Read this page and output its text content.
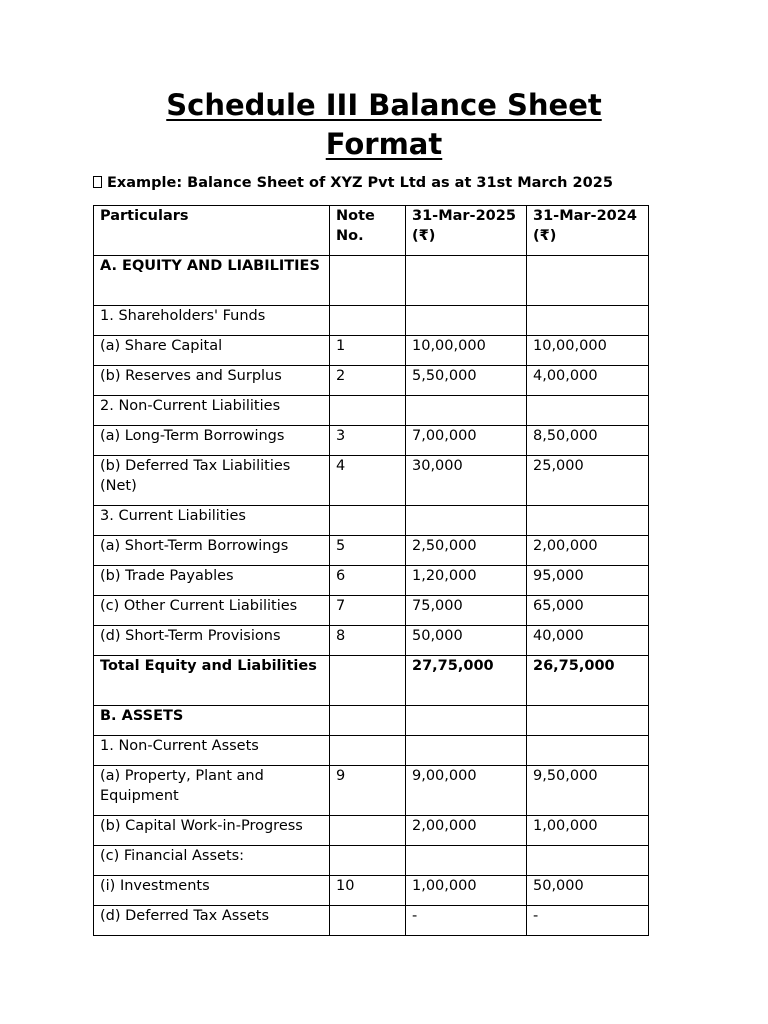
Schedule III Balance Sheet Format
Example: Balance Sheet of XYZ Pvt Ltd as at 31st March 2025
Particulars	Note No.	31-Mar-2025 (₹)	31-Mar-2024 (₹)
A. EQUITY AND LIABILITIES			
1. Shareholders' Funds			
(a) Share Capital	1	10,00,000	10,00,000
(b) Reserves and Surplus	2	5,50,000	4,00,000
2. Non-Current Liabilities			
(a) Long-Term Borrowings	3	7,00,000	8,50,000
(b) Deferred Tax Liabilities (Net)	4	30,000	25,000
3. Current Liabilities			
(a) Short-Term Borrowings	5	2,50,000	2,00,000
(b) Trade Payables	6	1,20,000	95,000
(c) Other Current Liabilities	7	75,000	65,000
(d) Short-Term Provisions	8	50,000	40,000
Total Equity and Liabilities		27,75,000	26,75,000
B. ASSETS			
1. Non-Current Assets			
(a) Property, Plant and Equipment	9	9,00,000	9,50,000
(b) Capital Work-in-Progress		2,00,000	1,00,000
(c) Financial Assets:			
(i) Investments	10	1,00,000	50,000
(d) Deferred Tax Assets		-	-
